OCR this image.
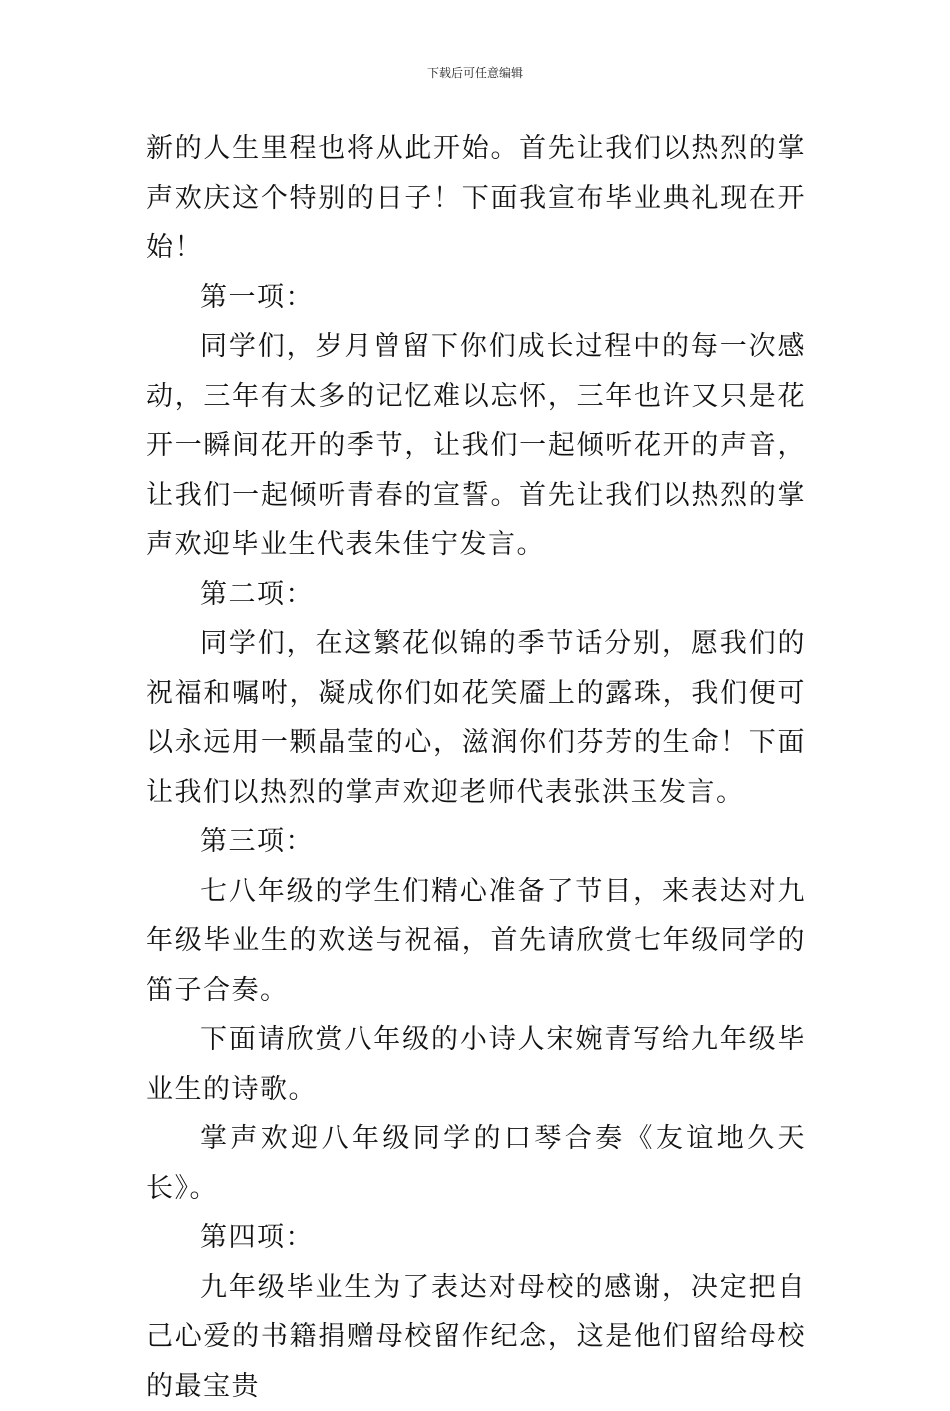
下载后可任意编辑

新的人生里程也将从此开始。首先让我们以热烈的掌声欢庆这个特别的日子！下面我宣布毕业典礼现在开始！

第一项：

同学们，岁月曾留下你们成长过程中的每一次感动，三年有太多的记忆难以忘怀，三年也许又只是花开一瞬间花开的季节，让我们一起倾听花开的声音，让我们一起倾听青春的宣誓。首先让我们以热烈的掌声欢迎毕业生代表朱佳宁发言。

第二项：

同学们，在这繁花似锦的季节话分别，愿我们的祝福和嘱咐，凝成你们如花笑靥上的露珠，我们便可以永远用一颗晶莹的心，滋润你们芬芳的生命！下面让我们以热烈的掌声欢迎老师代表张洪玉发言。

第三项：

七八年级的学生们精心准备了节目，来表达对九年级毕业生的欢送与祝福，首先请欣赏七年级同学的笛子合奏。

下面请欣赏八年级的小诗人宋婉青写给九年级毕业生的诗歌。

掌声欢迎八年级同学的口琴合奏《友谊地久天长》。

第四项：

九年级毕业生为了表达对母校的感谢，决定把自己心爱的书籍捐赠母校留作纪念，这是他们留给母校的最宝贵
